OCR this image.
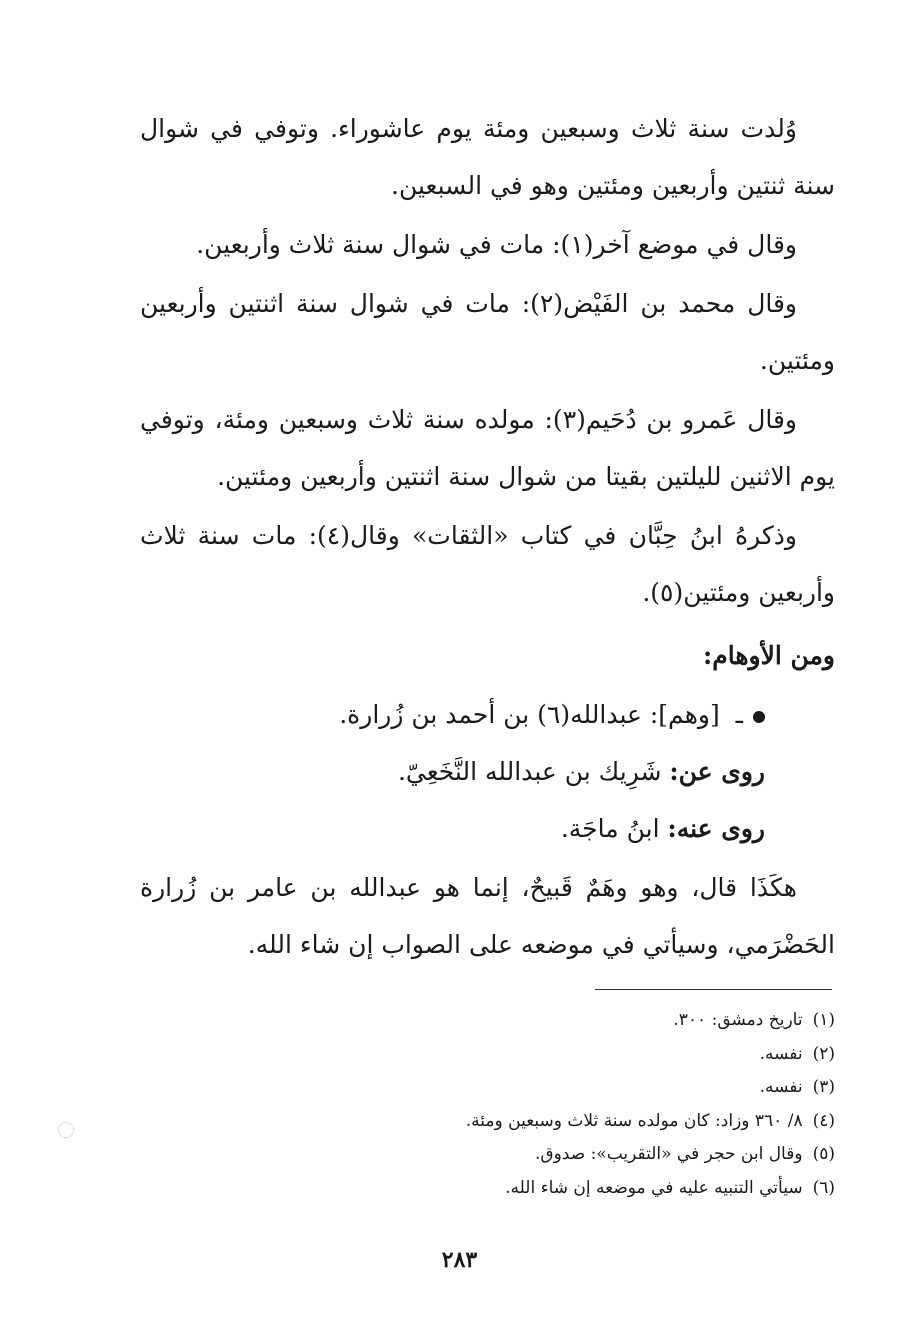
وُلدت سنة ثلاث وسبعين ومئة يوم عاشوراء. وتوفي في شوال سنة ثنتين وأربعين ومئتين وهو في السبعين.

وقال في موضع آخر(١): مات في شوال سنة ثلاث وأربعين.

وقال محمد بن الفَيْض(٢): مات في شوال سنة اثنتين وأربعين ومئتين.

وقال عَمرو بن دُحَيم(٣): مولده سنة ثلاث وسبعين ومئة، وتوفي يوم الاثنين لليلتين بقيتا من شوال سنة اثنتين وأربعين ومئتين.

وذكرهُ ابنُ حِبَّان في كتاب «الثقات» وقال(٤): مات سنة ثلاث وأربعين ومئتين(٥).

ومن الأوهام:

ـ [وهم]: عبدالله(٦) بن أحمد بن زُرارة.

روى عن: شَرِيك بن عبدالله النَّخَعِيّ.

روى عنه: ابنُ ماجَة.

هكَذَا قال، وهو وهَمٌ قَبيحٌ، إنما هو عبدالله بن عامر بن زُرارة الحَضْرَمي، وسيأتي في موضعه على الصواب إن شاء الله.

(١)تاريخ دمشق: ٣٠٠.
(٢)نفسه.
(٣)نفسه.
(٤)٨/ ٣٦٠ وزاد: كان مولده سنة ثلاث وسبعين ومئة.
(٥)وقال ابن حجر في «التقريب»: صدوق.
(٦)سيأتي التنبيه عليه في موضعه إن شاء الله.
٢٨٣
